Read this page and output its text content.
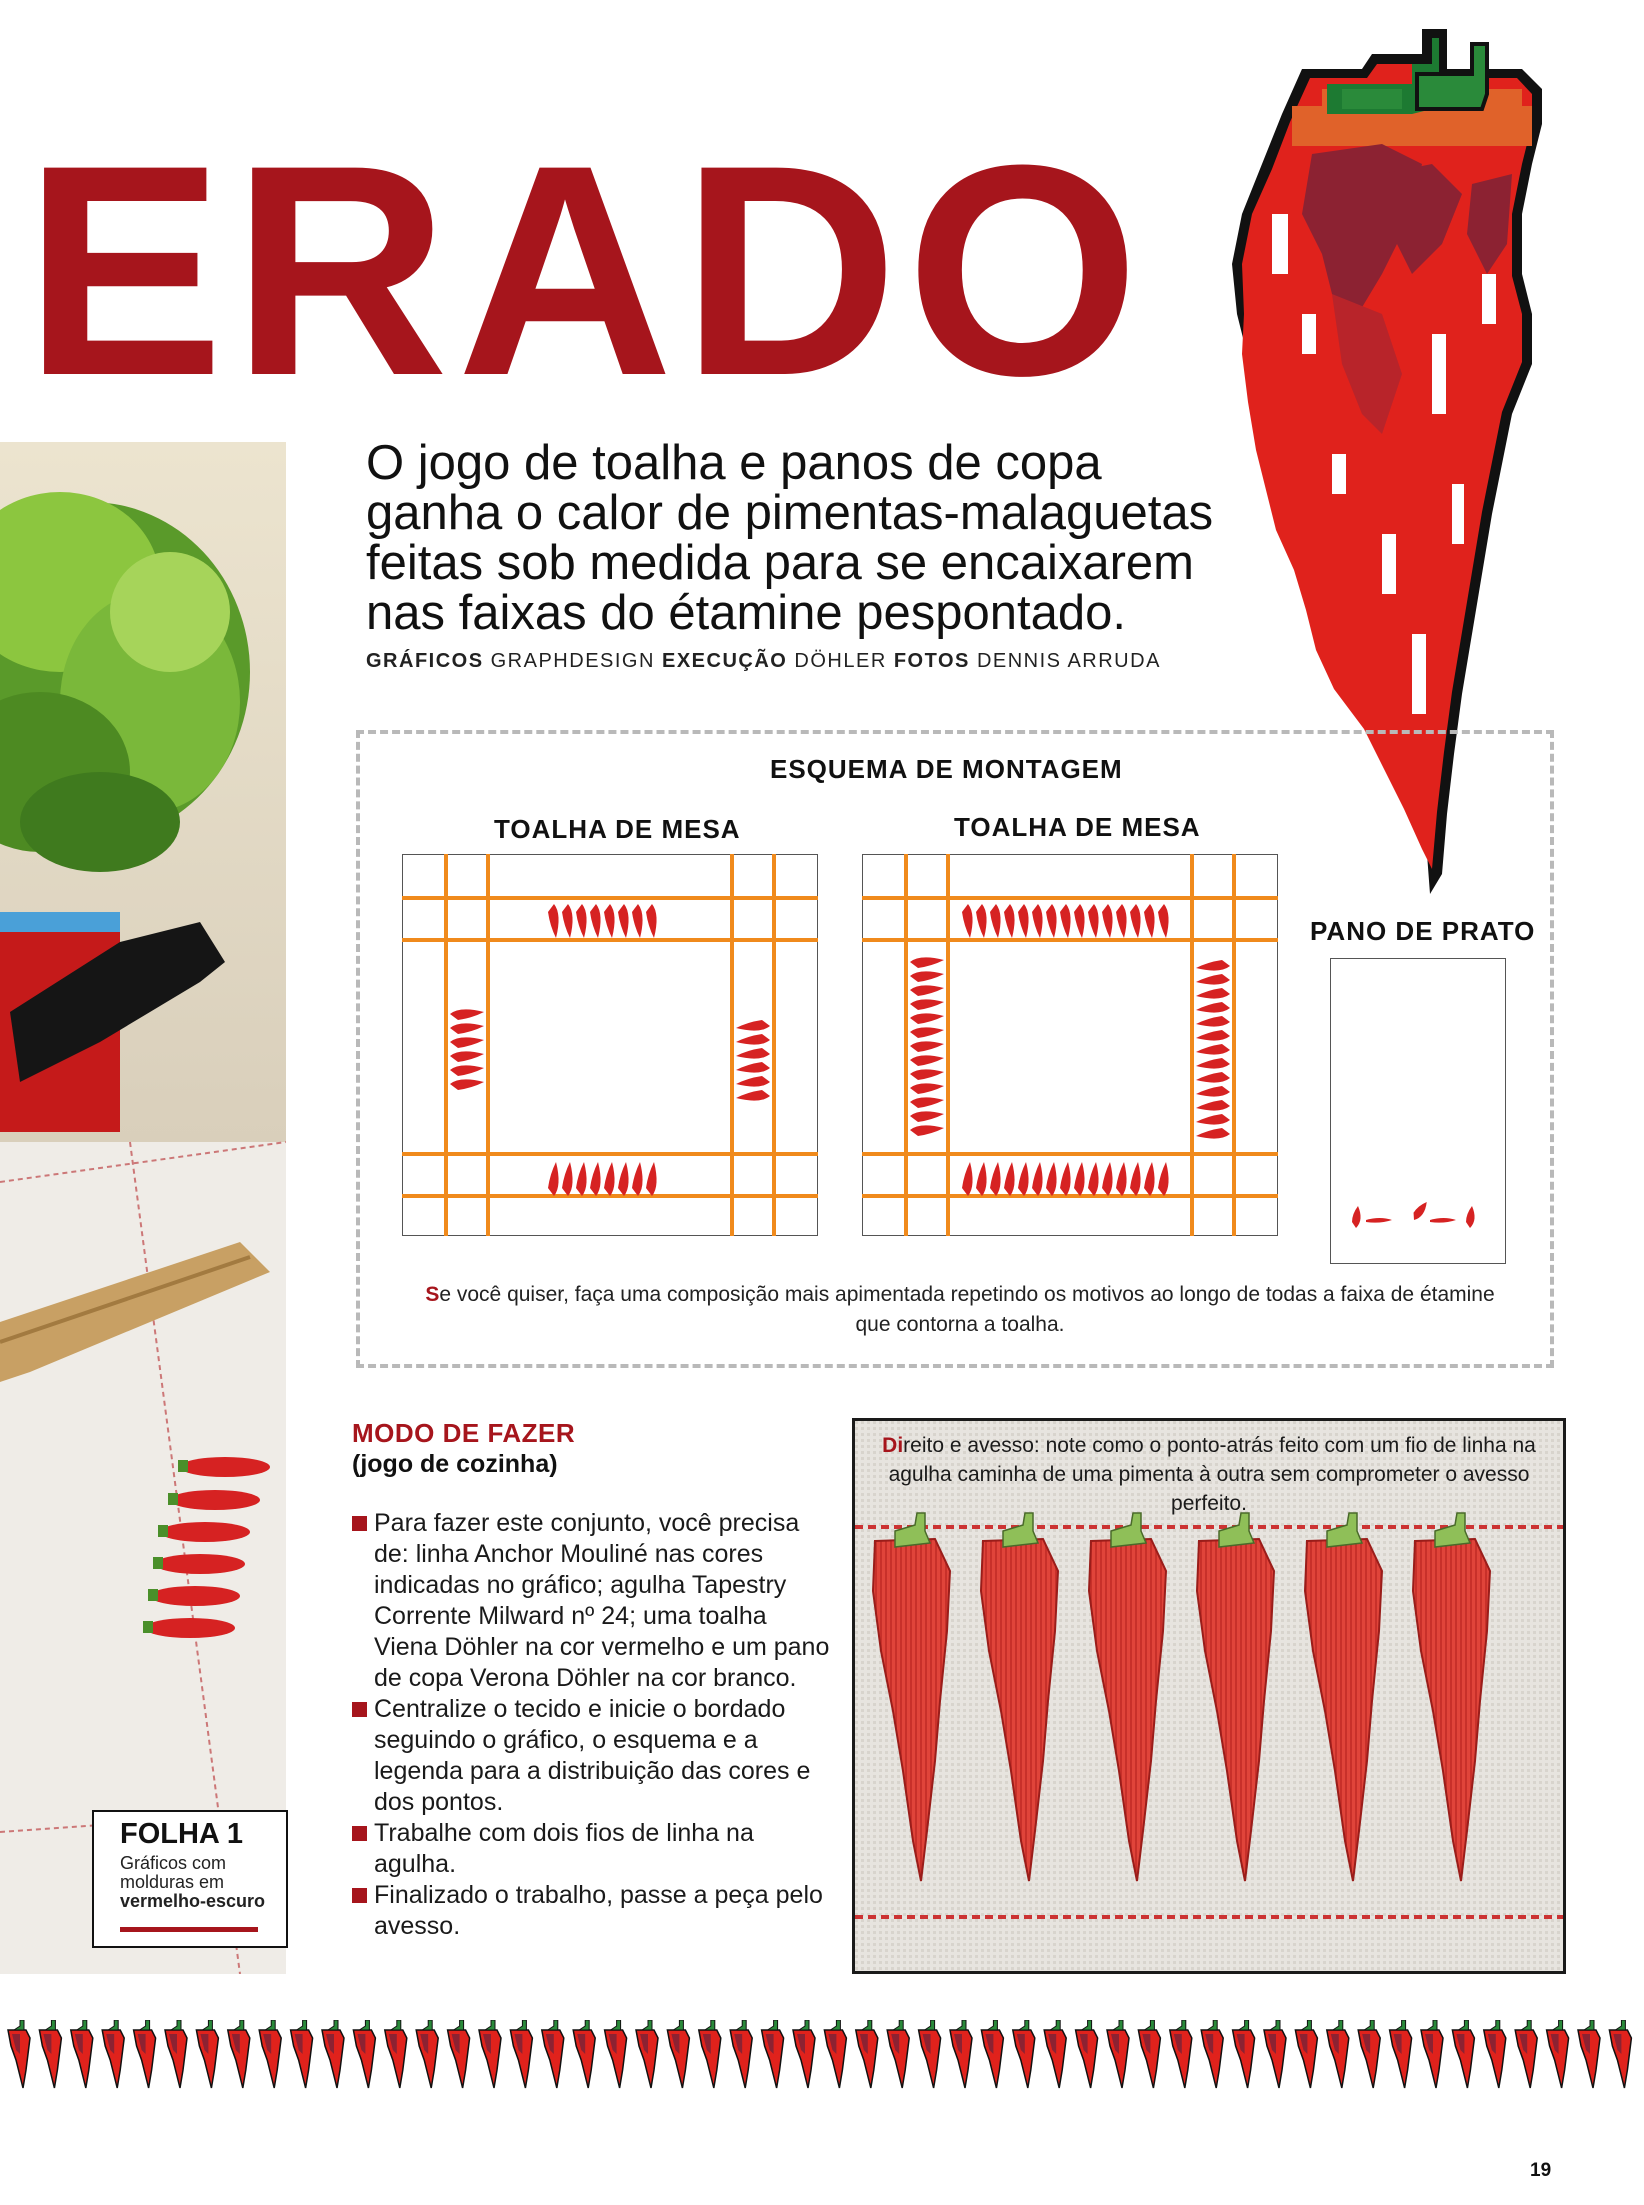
ERADO
O jogo de toalha e panos de copa ganha o calor de pimentas-malaguetas feitas sob medida para se encaixarem nas faixas do étamine pespontado.
GRÁFICOS GRAPHDESIGN EXECUÇÃO DÖHLER FOTOS DENNIS ARRUDA
ESQUEMA DE MONTAGEM
TOALHA DE MESA	TOALHA DE MESA
PANO DE PRATO
Se você quiser, faça uma composição mais apimentada repetindo os motivos ao longo de todas a faixa de étamine que contorna a toalha.
MODO DE FAZER
(jogo de cozinha)
Para fazer este conjunto, você precisa de: linha Anchor Mouliné nas cores indicadas no gráfico; agulha Tapestry Corrente Milward nº 24; uma toalha Viena Döhler na cor vermelho e um pano de copa Verona Döhler na cor branco.
Centralize o tecido e inicie o bordado seguindo o gráfico, o esquema e a legenda para a distribuição das cores e dos pontos.
Trabalhe com dois fios de linha na agulha.
Finalizado o trabalho, passe a peça pelo avesso.
Direito e avesso: note como o ponto-atrás feito com um fio de linha na agulha caminha de uma pimenta à outra sem comprometer o avesso perfeito.
FOLHA 1
Gráficos com molduras em vermelho-escuro
19
